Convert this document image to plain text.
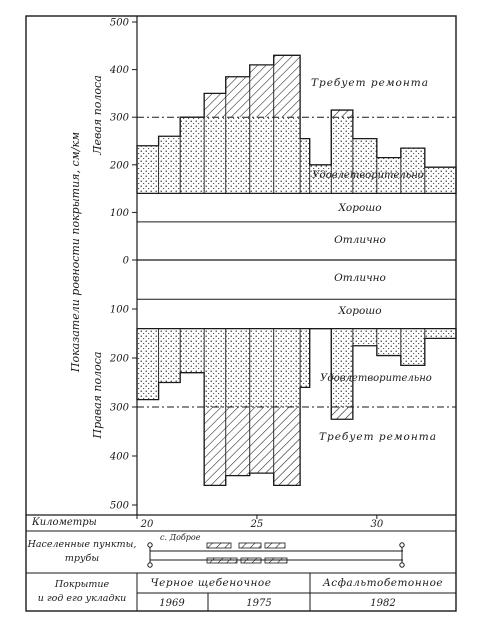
Показатели ровности покрытия, см/км
Левая полоса
Правая полоса
500
400
300
200
100
0
100
200
300
400
500
Требует ремонта
Удовлетворительно
Хорошо
Отлично
Отлично
Хорошо
Удовлетворительно
Требует ремонта
Километры	20	25	30
Населенные пункты,
трубы
с. Доброе
Покрытие
и год его укладки
Черное щебеночное	Асфальтобетонное
1969	1975	1982
